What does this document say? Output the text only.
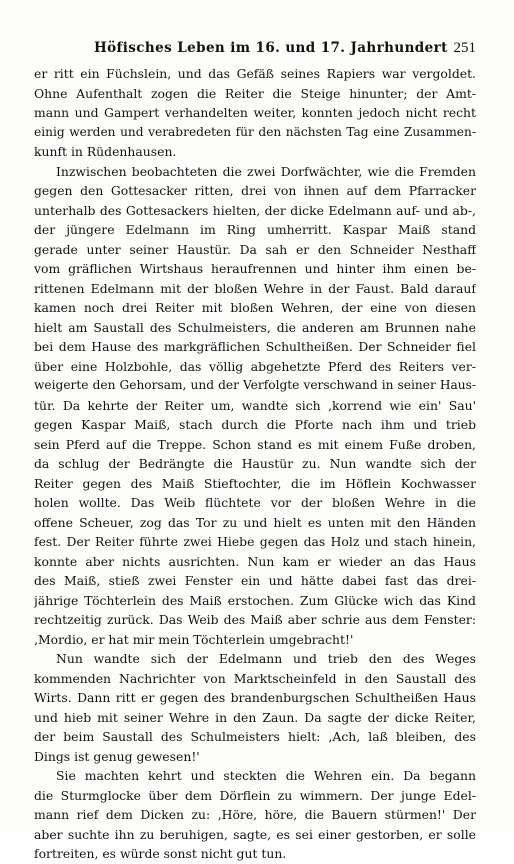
Höfisches Leben im 16. und 17. Jahrhundert 251
er ritt ein Füchslein, und das Gefäß seines Rapiers war vergoldet.
Ohne Aufenthalt zogen die Reiter die Steige hinunter; der Amt-
mann und Gampert verhandelten weiter, konnten jedoch nicht recht
einig werden und verabredeten für den nächsten Tag eine Zusammen-
kunft in Rüdenhausen.
Inzwischen beobachteten die zwei Dorfwächter, wie die Fremden
gegen den Gottesacker ritten, drei von ihnen auf dem Pfarracker
unterhalb des Gottesackers hielten, der dicke Edelmann auf- und ab-,
der jüngere Edelmann im Ring umherritt. Kaspar Maiß stand
gerade unter seiner Haustür. Da sah er den Schneider Nesthaff
vom gräflichen Wirtshaus heraufrennen und hinter ihm einen be-
rittenen Edelmann mit der bloßen Wehre in der Faust. Bald darauf
kamen noch drei Reiter mit bloßen Wehren, der eine von diesen
hielt am Saustall des Schulmeisters, die anderen am Brunnen nahe
bei dem Hause des markgräflichen Schultheißen. Der Schneider fiel
über eine Holzbohle, das völlig abgehetzte Pferd des Reiters ver-
weigerte den Gehorsam, und der Verfolgte verschwand in seiner Haus-
tür. Da kehrte der Reiter um, wandte sich ‚korrend wie ein' Sau'
gegen Kaspar Maiß, stach durch die Pforte nach ihm und trieb
sein Pferd auf die Treppe. Schon stand es mit einem Fuße droben,
da schlug der Bedrängte die Haustür zu. Nun wandte sich der
Reiter gegen des Maiß Stieftochter, die im Höflein Kochwasser
holen wollte. Das Weib flüchtete vor der bloßen Wehre in die
offene Scheuer, zog das Tor zu und hielt es unten mit den Händen
fest. Der Reiter führte zwei Hiebe gegen das Holz und stach hinein,
konnte aber nichts ausrichten. Nun kam er wieder an das Haus
des Maiß, stieß zwei Fenster ein und hätte dabei fast das drei-
jährige Töchterlein des Maiß erstochen. Zum Glücke wich das Kind
rechtzeitig zurück. Das Weib des Maiß aber schrie aus dem Fenster:
‚Mordio, er hat mir mein Töchterlein umgebracht!'
Nun wandte sich der Edelmann und trieb den des Weges
kommenden Nachrichter von Marktscheinfeld in den Saustall des
Wirts. Dann ritt er gegen des brandenburgschen Schultheißen Haus
und hieb mit seiner Wehre in den Zaun. Da sagte der dicke Reiter,
der beim Saustall des Schulmeisters hielt: ‚Ach, laß bleiben, des
Dings ist genug gewesen!'
Sie machten kehrt und steckten die Wehren ein. Da begann
die Sturmglocke über dem Dörflein zu wimmern. Der junge Edel-
mann rief dem Dicken zu: ‚Höre, höre, die Bauern stürmen!' Der
aber suchte ihn zu beruhigen, sagte, es sei einer gestorben, er solle
fortreiten, es würde sonst nicht gut tun.
